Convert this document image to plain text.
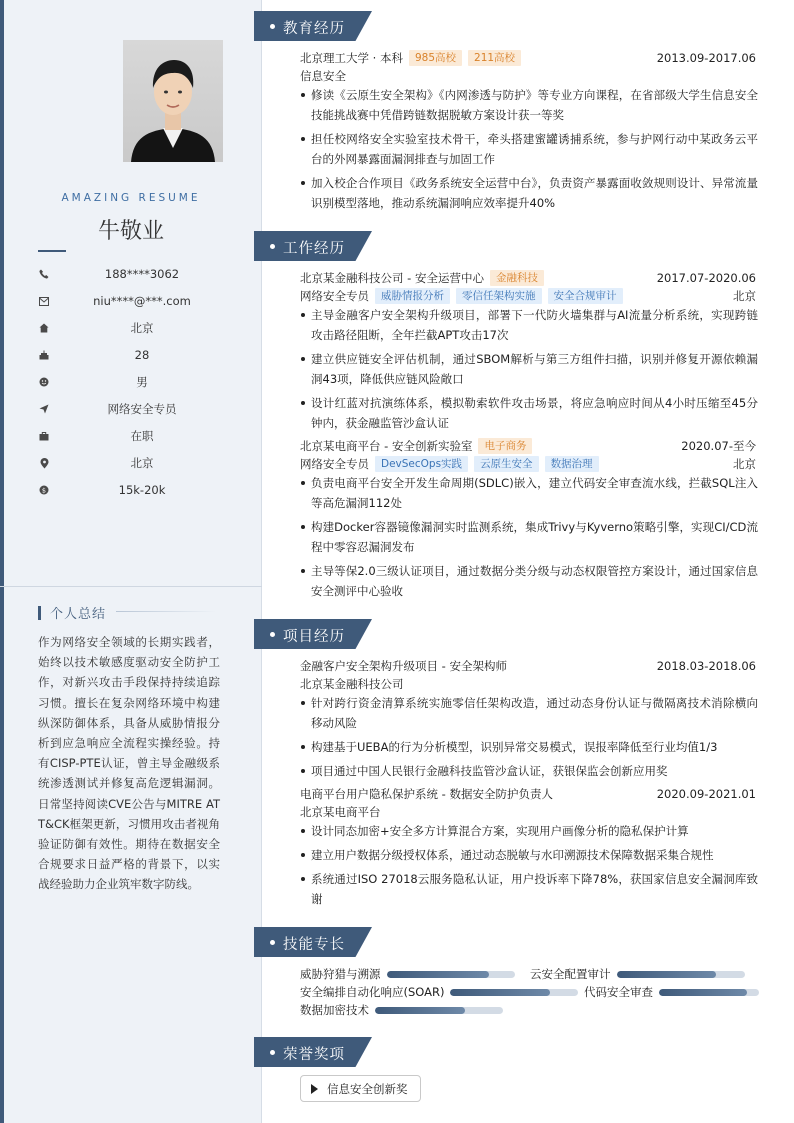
AMAZING RESUME
牛敬业
188****3062
niu****@***.com
北京
28
男
网络安全专员
在职
北京
$	15k-20k
个人总结
作为网络安全领域的长期实践者，始终以技术敏感度驱动安全防护工作，对新兴攻击手段保持持续追踪习惯。擅长在复杂网络环境中构建纵深防御体系，具备从威胁情报分析到应急响应全流程实操经验。持有CISP-PTE认证，曾主导金融级系统渗透测试并修复高危逻辑漏洞。日常坚持阅读CVE公告与MITRE ATT&CK框架更新，习惯用攻击者视角验证防御有效性。期待在数据安全合规要求日益严格的背景下，以实战经验助力企业筑牢数字防线。
教育经历
北京理工大学 · 本科	985高校	211高校	2013.09-2017.06
信息安全
修读《云原生安全架构》《内网渗透与防护》等专业方向课程，在省部级大学生信息安全技能挑战赛中凭借跨链数据脱敏方案设计获一等奖
担任校网络安全实验室技术骨干，牵头搭建蜜罐诱捕系统，参与护网行动中某政务云平台的外网暴露面漏洞排查与加固工作
加入校企合作项目《政务系统安全运营中台》，负责资产暴露面收敛规则设计、异常流量识别模型落地，推动系统漏洞响应效率提升40%
工作经历
北京某金融科技公司 - 安全运营中心	金融科技	2017.07-2020.06
网络安全专员	威胁情报分析	零信任架构实施	安全合规审计	北京
主导金融客户安全架构升级项目，部署下一代防火墙集群与AI流量分析系统，实现跨链攻击路径阻断，全年拦截APT攻击17次
建立供应链安全评估机制，通过SBOM解析与第三方组件扫描，识别并修复开源依赖漏洞43项，降低供应链风险敞口
设计红蓝对抗演练体系，模拟勒索软件攻击场景，将应急响应时间从4小时压缩至45分钟内，获金融监管沙盒认证
北京某电商平台 - 安全创新实验室	电子商务	2020.07-至今
网络安全专员	DevSecOps实践	云原生安全	数据治理	北京
负责电商平台安全开发生命周期(SDLC)嵌入，建立代码安全审查流水线，拦截SQL注入等高危漏洞112处
构建Docker容器镜像漏洞实时监测系统，集成Trivy与Kyverno策略引擎，实现CI/CD流程中零容忍漏洞发布
主导等保2.0三级认证项目，通过数据分类分级与动态权限管控方案设计，通过国家信息安全测评中心验收
项目经历
金融客户安全架构升级项目 - 安全架构师	2018.03-2018.06
北京某金融科技公司
针对跨行资金清算系统实施零信任架构改造，通过动态身份认证与微隔离技术消除横向移动风险
构建基于UEBA的行为分析模型，识别异常交易模式，误报率降低至行业均值1/3
项目通过中国人民银行金融科技监管沙盒认证，获银保监会创新应用奖
电商平台用户隐私保护系统 - 数据安全防护负责人	2020.09-2021.01
北京某电商平台
设计同态加密+安全多方计算混合方案，实现用户画像分析的隐私保护计算
建立用户数据分级授权体系，通过动态脱敏与水印溯源技术保障数据采集合规性
系统通过ISO 27018云服务隐私认证，用户投诉率下降78%，获国家信息安全漏洞库致谢
技能专长
威胁狩猎与溯源	云安全配置审计
安全编排自动化响应(SOAR)	代码安全审查
数据加密技术
荣誉奖项
信息安全创新奖
